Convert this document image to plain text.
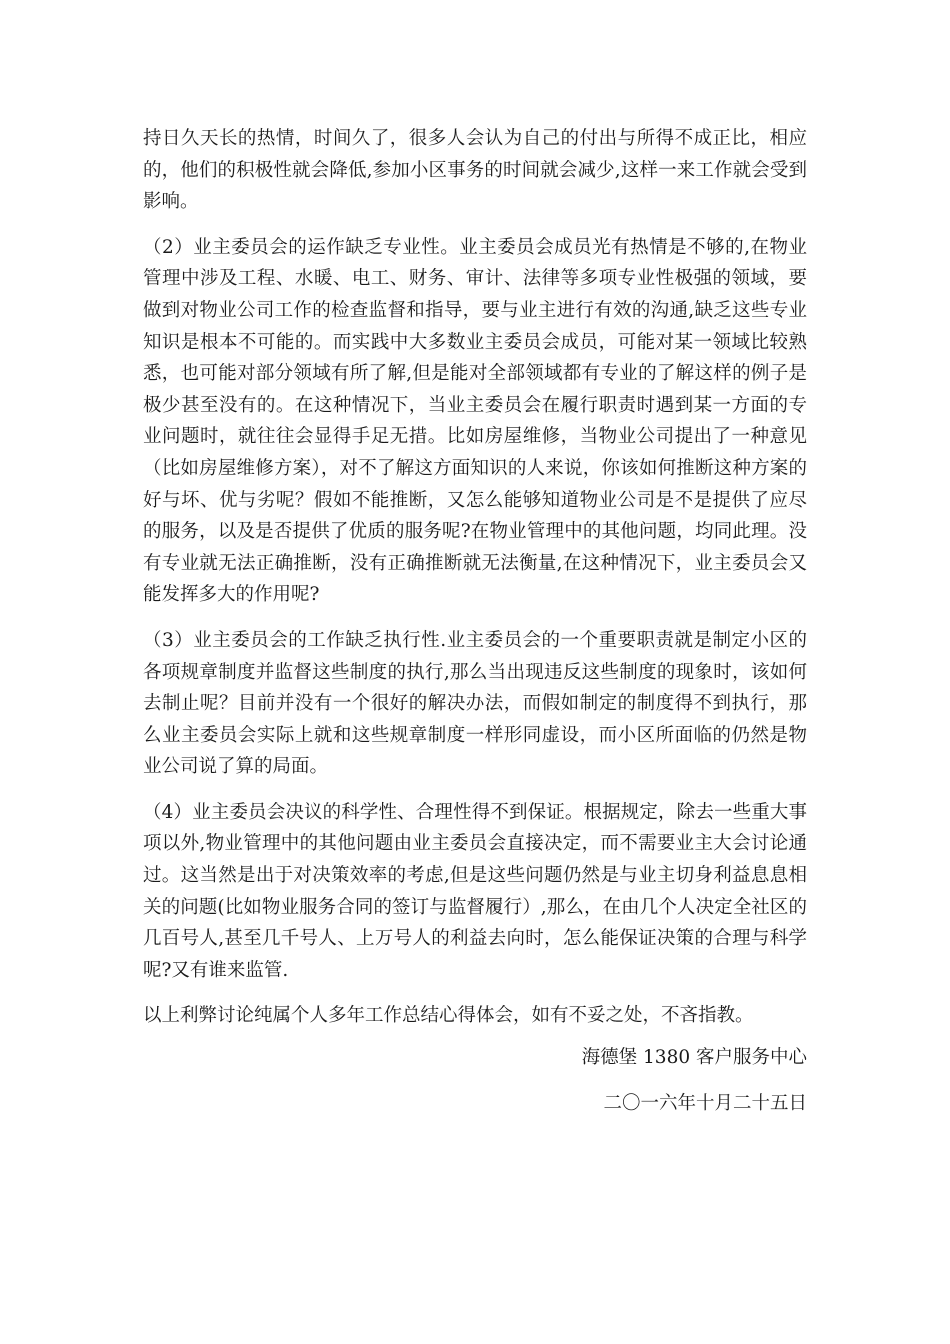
持日久天长的热情，时间久了，很多人会认为自己的付出与所得不成正比，相应的，他们的积极性就会降低,参加小区事务的时间就会减少,这样一来工作就会受到影响。

（2）业主委员会的运作缺乏专业性。业主委员会成员光有热情是不够的,在物业管理中涉及工程、水暖、电工、财务、审计、法律等多项专业性极强的领域，要做到对物业公司工作的检查监督和指导，要与业主进行有效的沟通,缺乏这些专业知识是根本不可能的。而实践中大多数业主委员会成员，可能对某一领域比较熟悉，也可能对部分领域有所了解,但是能对全部领域都有专业的了解这样的例子是极少甚至没有的。在这种情况下，当业主委员会在履行职责时遇到某一方面的专业问题时，就往往会显得手足无措。比如房屋维修，当物业公司提出了一种意见（比如房屋维修方案），对不了解这方面知识的人来说，你该如何推断这种方案的好与坏、优与劣呢？假如不能推断，又怎么能够知道物业公司是不是提供了应尽的服务，以及是否提供了优质的服务呢?在物业管理中的其他问题，均同此理。没有专业就无法正确推断，没有正确推断就无法衡量,在这种情况下，业主委员会又能发挥多大的作用呢?

（3）业主委员会的工作缺乏执行性.业主委员会的一个重要职责就是制定小区的各项规章制度并监督这些制度的执行,那么当出现违反这些制度的现象时，该如何去制止呢？目前并没有一个很好的解决办法，而假如制定的制度得不到执行，那么业主委员会实际上就和这些规章制度一样形同虚设，而小区所面临的仍然是物业公司说了算的局面。

（4）业主委员会决议的科学性、合理性得不到保证。根据规定，除去一些重大事项以外,物业管理中的其他问题由业主委员会直接决定，而不需要业主大会讨论通过。这当然是出于对决策效率的考虑,但是这些问题仍然是与业主切身利益息息相关的问题(比如物业服务合同的签订与监督履行）,那么，在由几个人决定全社区的几百号人,甚至几千号人、上万号人的利益去向时，怎么能保证决策的合理与科学呢?又有谁来监管.

以上利弊讨论纯属个人多年工作总结心得体会，如有不妥之处，不吝指教。

海德堡 1380 客户服务中心

二〇一六年十月二十五日
